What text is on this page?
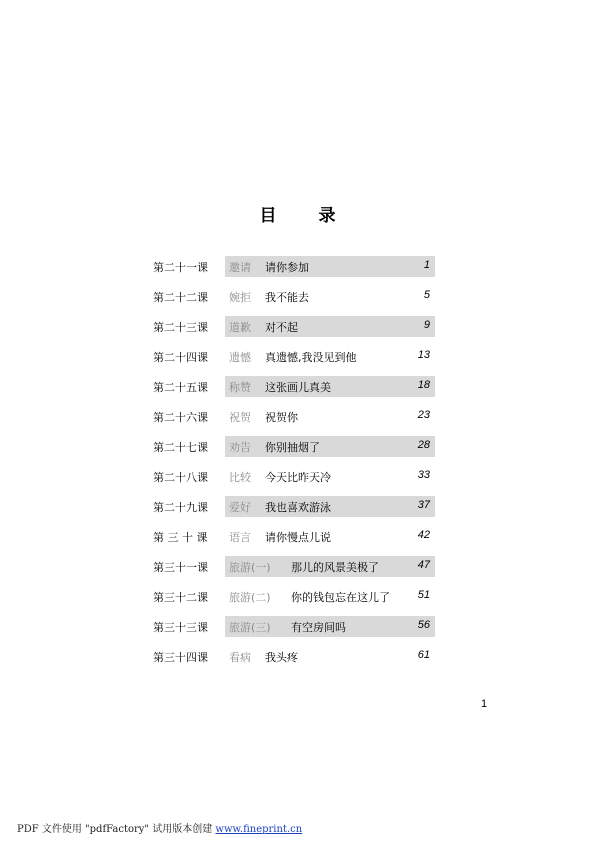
目 录
第二十一课 邀请 请你参加	1
第二十二课 婉拒 我不能去	5
第二十三课 道歉 对不起	9
第二十四课 遗憾 真遗憾,我没见到他	13
第二十五课 称赞 这张画儿真美	18
第二十六课 祝贺 祝贺你	23
第二十七课 劝告 你别抽烟了	28
第二十八课 比较 今天比昨天冷	33
第二十九课 爱好 我也喜欢游泳	37
第 三 十 课 语言 请你慢点儿说	42
第三十一课 旅游(一) 那儿的风景美极了	47
第三十二课 旅游(二) 你的钱包忘在这儿了	51
第三十三课 旅游(三) 有空房间吗	56
第三十四课 看病 我头疼	61
1
PDF 文件使用 "pdfFactory" 试用版本创建 www.fineprint.cn
